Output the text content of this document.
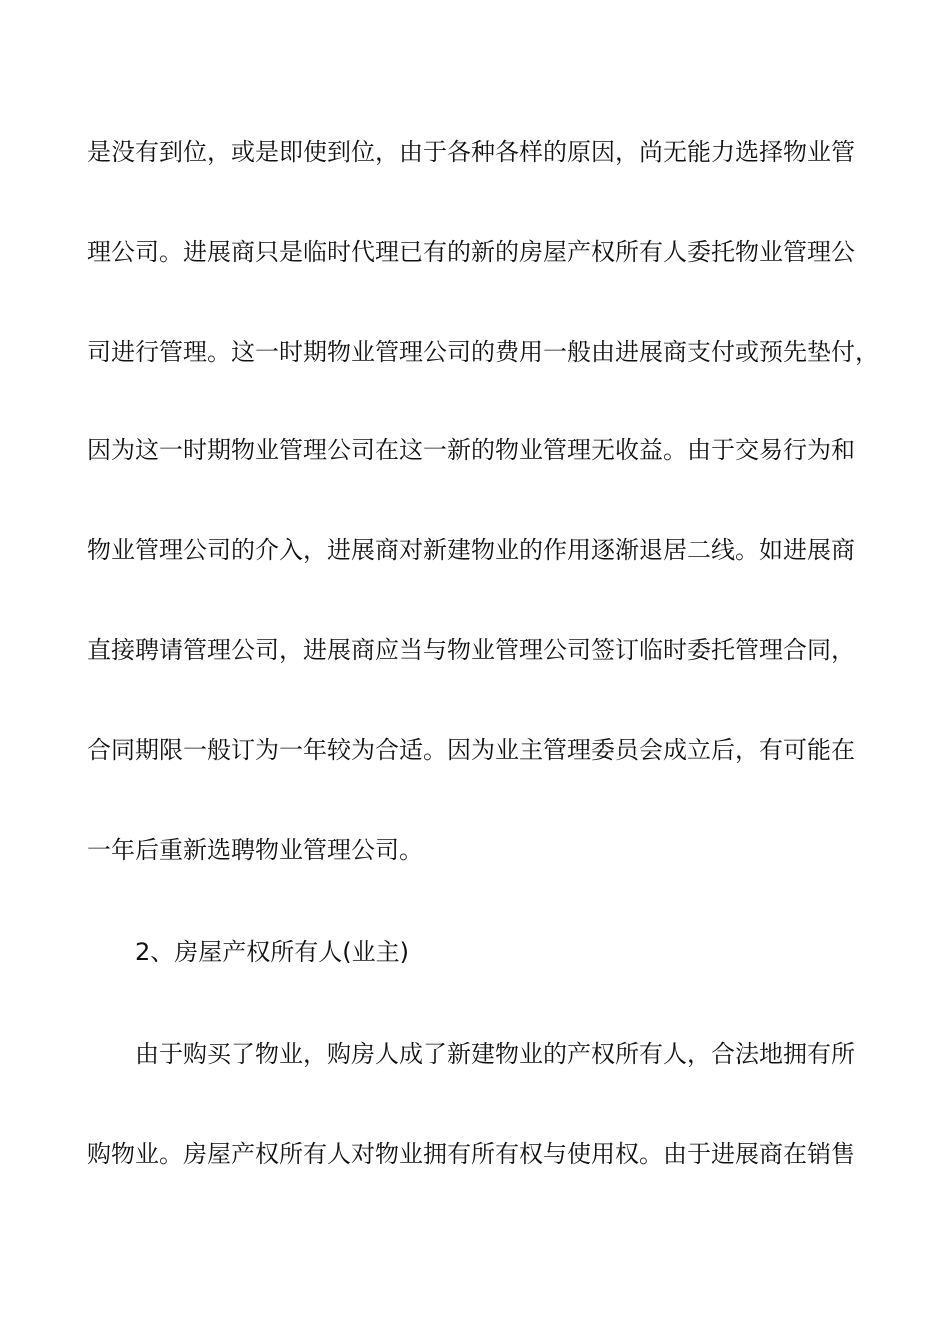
是没有到位，或是即使到位，由于各种各样的原因，尚无能力选择物业管
理公司。进展商只是临时代理已有的新的房屋产权所有人委托物业管理公
司进行管理。这一时期物业管理公司的费用一般由进展商支付或预先垫付，
因为这一时期物业管理公司在这一新的物业管理无收益。由于交易行为和
物业管理公司的介入，进展商对新建物业的作用逐渐退居二线。如进展商
直接聘请管理公司，进展商应当与物业管理公司签订临时委托管理合同，
合同期限一般订为一年较为合适。因为业主管理委员会成立后，有可能在
一年后重新选聘物业管理公司。
2、房屋产权所有人(业主)
由于购买了物业，购房人成了新建物业的产权所有人，合法地拥有所
购物业。房屋产权所有人对物业拥有所有权与使用权。由于进展商在销售
